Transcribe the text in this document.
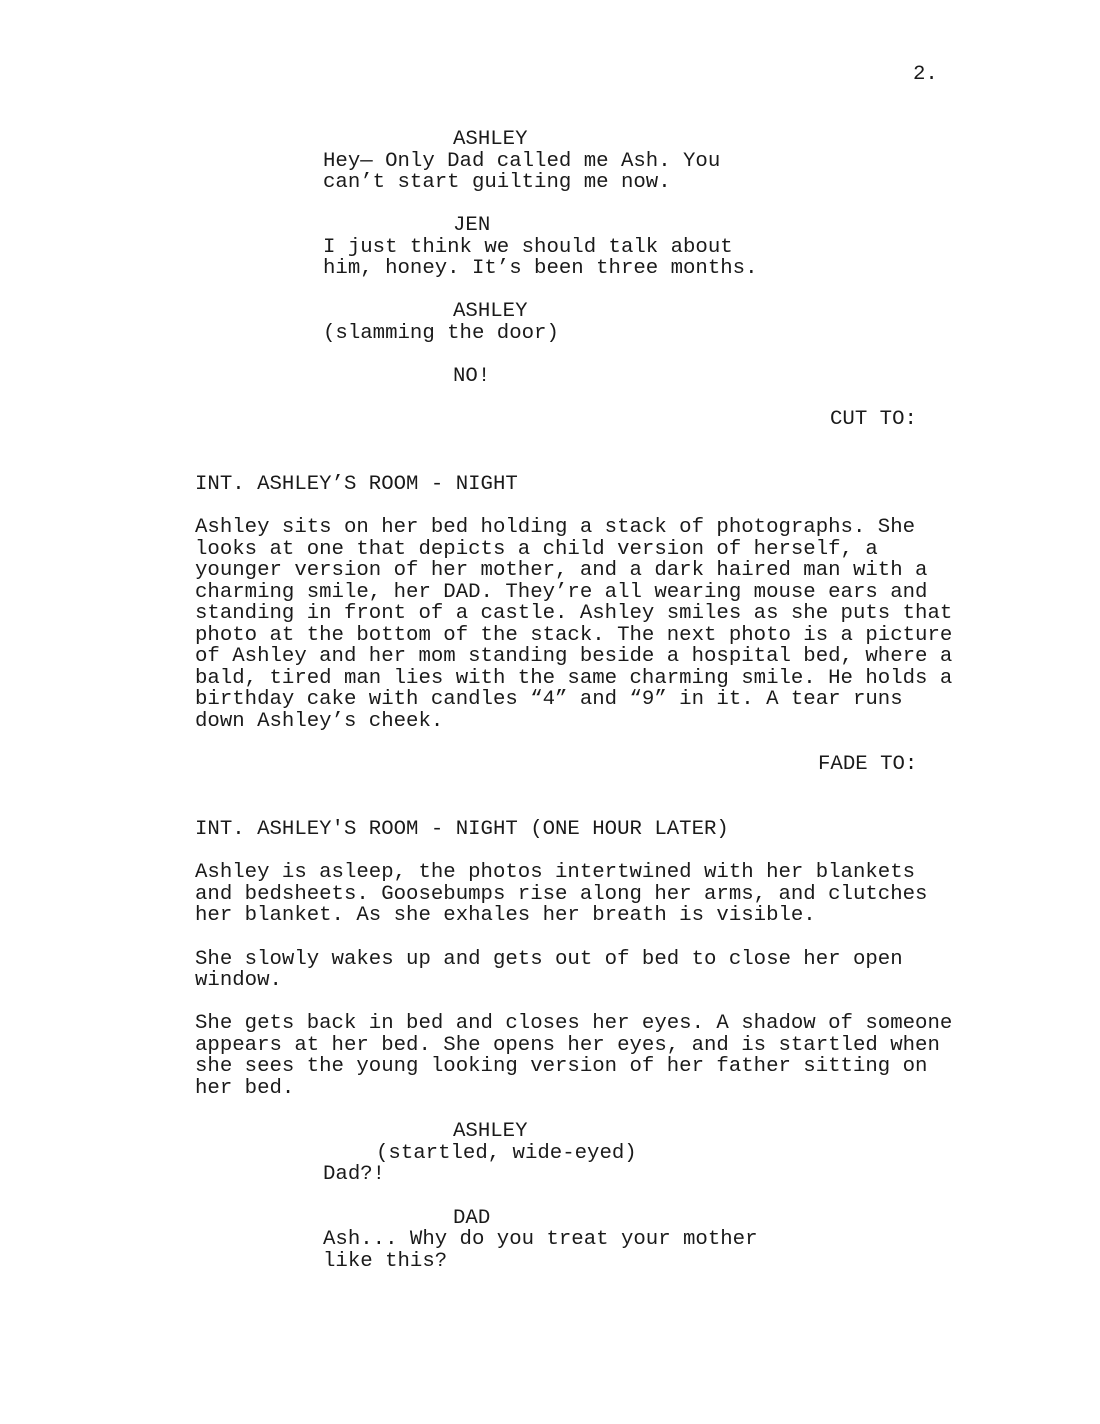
2.
ASHLEY
Hey— Only Dad called me Ash. You
can’t start guilting me now.
JEN
I just think we should talk about
him, honey. It’s been three months.
ASHLEY
(slamming the door)
NO!
CUT TO:
INT. ASHLEY’S ROOM - NIGHT
Ashley sits on her bed holding a stack of photographs. She
looks at one that depicts a child version of herself, a
younger version of her mother, and a dark haired man with a
charming smile, her DAD. They’re all wearing mouse ears and
standing in front of a castle. Ashley smiles as she puts that
photo at the bottom of the stack. The next photo is a picture
of Ashley and her mom standing beside a hospital bed, where a
bald, tired man lies with the same charming smile. He holds a
birthday cake with candles “4” and “9” in it. A tear runs
down Ashley’s cheek.
FADE TO:
INT. ASHLEY'S ROOM - NIGHT (ONE HOUR LATER)
Ashley is asleep, the photos intertwined with her blankets
and bedsheets. Goosebumps rise along her arms, and clutches
her blanket. As she exhales her breath is visible.
She slowly wakes up and gets out of bed to close her open
window.
She gets back in bed and closes her eyes. A shadow of someone
appears at her bed. She opens her eyes, and is startled when
she sees the young looking version of her father sitting on
her bed.
ASHLEY
(startled, wide-eyed)
Dad?!
DAD
Ash... Why do you treat your mother
like this?
